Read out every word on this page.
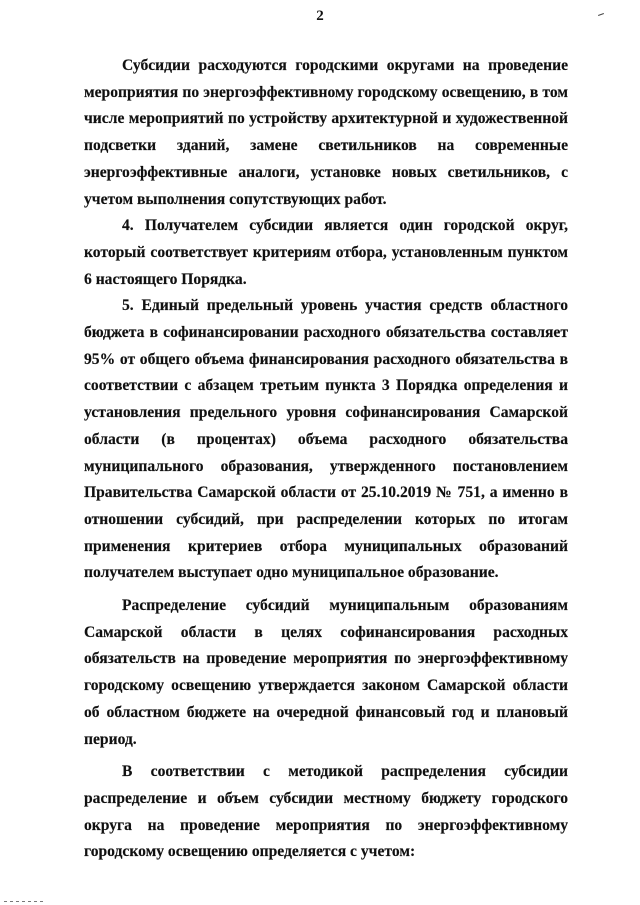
2

Субсидии расходуются городскими округами на проведение мероприятия по энергоэффективному городскому освещению, в том числе мероприятий по устройству архитектурной и художественной подсветки зданий, замене светильников на современные энергоэффективные аналоги, установке новых светильников, с учетом выполнения сопутствующих работ.

4. Получателем субсидии является один городской округ, который соответствует критериям отбора, установленным пунктом 6 настоящего Порядка.

5. Единый предельный уровень участия средств областного бюджета в софинансировании расходного обязательства составляет 95% от общего объема финансирования расходного обязательства в соответствии с абзацем третьим пункта 3 Порядка определения и установления предельного уровня софинансирования Самарской области (в процентах) объема расходного обязательства муниципального образования, утвержденного постановлением Правительства Самарской области от 25.10.2019 № 751, а именно в отношении субсидий, при распределении которых по итогам применения критериев отбора муниципальных образований получателем выступает одно муниципальное образование.

Распределение субсидий муниципальным образованиям Самарской области в целях софинансирования расходных обязательств на проведение мероприятия по энергоэффективному городскому освещению утверждается законом Самарской области об областном бюджете на очередной финансовый год и плановый период.

В соответствии с методикой распределения субсидии распределение и объем субсидии местному бюджету городского округа на проведение мероприятия по энергоэффективному городскому освещению определяется с учетом:
